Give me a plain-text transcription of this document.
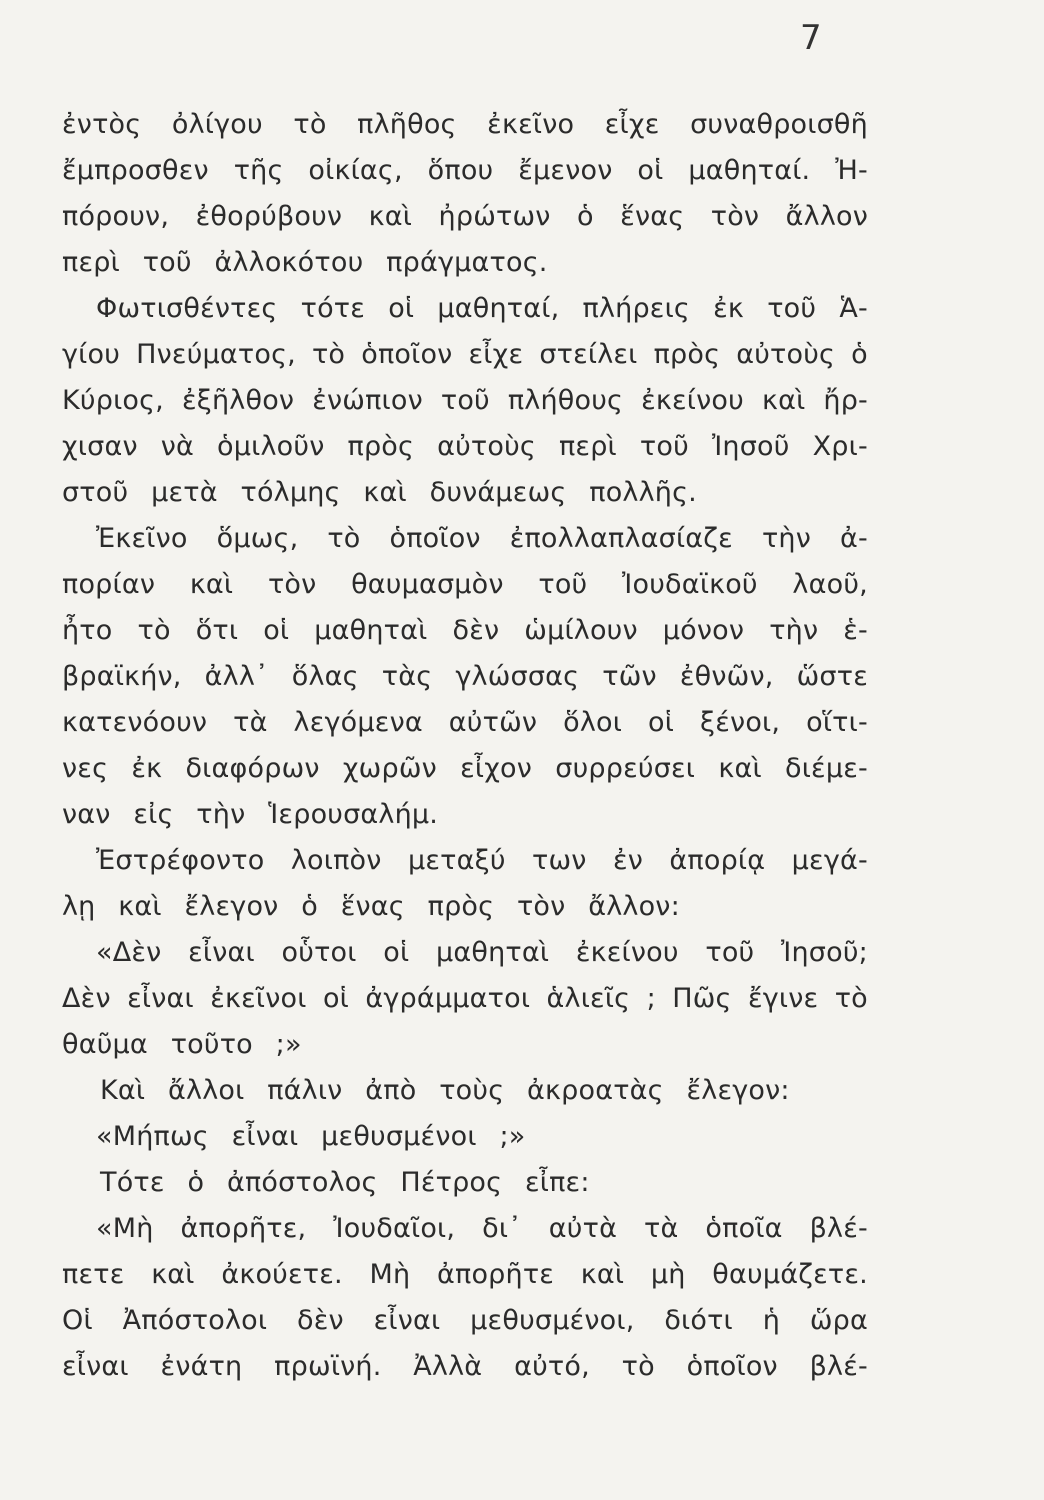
7
ἐντὸς ὀλίγου τὸ πλῆθος ἐκεῖνο εἶχε συναθροισθῆ
ἔμπροσθεν τῆς οἰκίας, ὅπου ἔμενον οἱ μαθηταί. Ἠ-
πόρουν, ἐθορύβουν καὶ ἠρώτων ὁ ἕνας τὸν ἄλλον
περὶ τοῦ ἀλλοκότου πράγματος.
Φωτισθέντες τότε οἱ μαθηταί, πλήρεις ἐκ τοῦ Ἁ-
γίου Πνεύματος, τὸ ὁποῖον εἶχε στείλει πρὸς αὐτοὺς ὁ
Κύριος, ἐξῆλθον ἐνώπιον τοῦ πλήθους ἐκείνου καὶ ἤρ-
χισαν νὰ ὁμιλοῦν πρὸς αὐτοὺς περὶ τοῦ Ἰησοῦ Χρι-
στοῦ μετὰ τόλμης καὶ δυνάμεως πολλῆς.
Ἐκεῖνο ὅμως, τὸ ὁποῖον ἐπολλαπλασίαζε τὴν ἀ-
πορίαν καὶ τὸν θαυμασμὸν τοῦ Ἰουδαϊκοῦ λαοῦ,
ἦτο τὸ ὅτι οἱ μαθηταὶ δὲν ὡμίλουν μόνον τὴν ἑ-
βραϊκήν, ἀλλ᾽ ὅλας τὰς γλώσσας τῶν ἐθνῶν, ὥστε
κατενόουν τὰ λεγόμενα αὐτῶν ὅλοι οἱ ξένοι, οἵτι-
νες ἐκ διαφόρων χωρῶν εἶχον συρρεύσει καὶ διέμε-
ναν εἰς τὴν Ἱερουσαλήμ.
Ἐστρέφοντο λοιπὸν μεταξύ των ἐν ἀπορίᾳ μεγά-
λῃ καὶ ἔλεγον ὁ ἕνας πρὸς τὸν ἄλλον:
«Δὲν εἶναι οὗτοι οἱ μαθηταὶ ἐκείνου τοῦ Ἰησοῦ;
Δὲν εἶναι ἐκεῖνοι οἱ ἀγράμματοι ἁλιεῖς ; Πῶς ἔγινε τὸ
θαῦμα τοῦτο ;»
Καὶ ἄλλοι πάλιν ἀπὸ τοὺς ἀκροατὰς ἔλεγον:
«Μήπως εἶναι μεθυσμένοι ;»
Τότε ὁ ἀπόστολος Πέτρος εἶπε:
«Μὴ ἀπορῆτε, Ἰουδαῖοι, δι᾽ αὐτὰ τὰ ὁποῖα βλέ-
πετε καὶ ἀκούετε. Μὴ ἀπορῆτε καὶ μὴ θαυμάζετε.
Οἱ Ἀπόστολοι δὲν εἶναι μεθυσμένοι, διότι ἡ ὥρα
εἶναι ἐνάτη πρωϊνή. Ἀλλὰ αὐτό, τὸ ὁποῖον βλέ-
